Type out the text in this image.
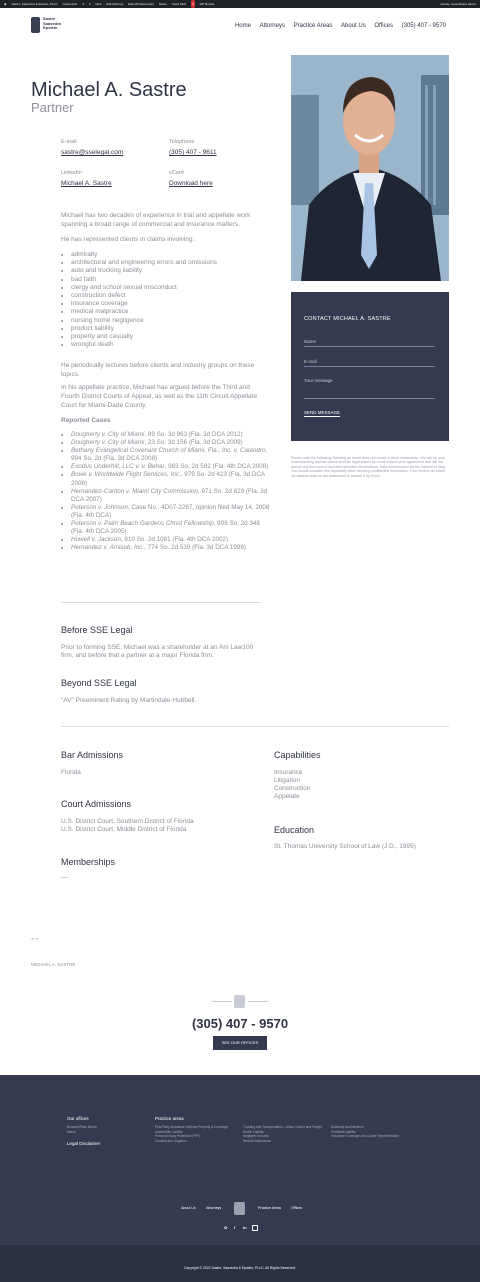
◉ Sastre, Saavedra & Epstein, PLLC Customizer 4 0 New Edit Attorney Edit with Elementor Notes Yoast SEO 3 WP Rocket	Howdy, ssesoftware.admin
Sastre
Saavedra
Epstein	Home Attorneys Practice Areas About Us Offices (305) 407 - 9570
Michael A. Sastre
Partner
E-mail
sastre@sselegal.com
Telephone
(305) 407 - 9611
LinkedIn
Michael A. Sastre
vCard
Download here
Michael has two decades of experience in trial and appellate work spanning a broad range of commercial and insurance matters.
He has represented clients in claims involving:
• admiralty
• architectural and engineering errors and omissions
• auto and trucking liability
• bad faith
• clergy and school sexual misconduct
• construction defect
• insurance coverage
• medical malpractice
• nursing home negligence
• product liability
• property and casualty
• wrongful death
He periodically lectures before clients and industry groups on these topics.
In his appellate practice, Michael has argued before the Third and Fourth District Courts of Appeal, as well as the 11th Circuit Appellate Court for Miami-Dade County.
Reported Cases
• Dougherty v. City of Miami, 89 So. 3d 963 (Fla. 3d DCA 2012)
• Dougherty v. City of Miami, 23 So. 3d 156 (Fla. 3d DCA 2009)
• Bethany Evangelical Covenant Church of Miami, Fla., Inc. v. Calandro, 994 So. 2d (Fla. 3d DCA 2008)
• Exodus Underhill, LLC v. v. Behar, 983 So. 2d 592 (Fla. 4th DCA 2008)
• Bowe v. Worldwide Flight Services, Inc., 979 So. 2d 423 (Fla. 3d DCA 2008)
• Hernandez-Canton v. Miami City Commission, 971 So. 2d 829 (Fla. 3d DCA 2007)
• Peterson v. Johnson, Case No.: 4D07-2267, opinion filed May 14, 2008 (Fla. 4th DCA)
• Peterson v. Palm Beach Gardens Christ Fellowship, 909 So. 2d 348 (Fla. 4th DCA 2005)
• Howell v. Jackson, 810 So. 2d 1081 (Fla. 4th DCA 2002)
• Hernandez v. Amisub, Inc., 774 So. 2d 539 (Fla. 3d DCA 1998)
CONTACT MICHAEL A. SASTRE
Name
E-mail
Your message
SEND MESSAGE
Please note the following: Sending an email does not create a client relationship. We ask for your understanding that we cannot provide legal advice by email without prior agreement and will not accept any time-bound and time-sensitive declarations. Data transmission via the Internet is risky. You should consider this especially when sending confidential information. If we receive an email, we assume that we are authorized to answer it by email.
Before SSE Legal
Prior to forming SSE, Michael was a shareholder at an Am Law100 firm, and before that a partner at a major Florida firm.
Beyond SSE Legal
"AV" Preeminent Rating by Martindale-Hubbell.
Bar Admissions
Florida
Court Admissions
U.S. District Court, Southern District of Florida
U.S. District Court, Middle District of Florida
Memberships
—
Capabilities
Insurance
Litigation
Construction
Appelate
Education
St. Thomas University School of Law (J.D., 1995)
” ”
MICHAEL A. SASTRE
(305) 407 - 9570
SEE OUR OFFICES
Our offices
Broward/Palm Beach
Miami
Legal Disclaimer
Practice areas
First-Party Insurance Defense Property & Coverage
Automobile Liability
Personal Injury Protection (PIP)
Construction Litigation
Trucking and Transportation – Motor Carrier and Freight Broker Liability
Negligent Security
Medical Malpractice
Admiralty and Maritime
Premises Liability
Insurance Coverage and Carrier Representation
About Us	Attorneys	Practice Areas	Offices
✿ f in
Copyright © 2022 Sastre, Saavedra & Epstein, PLLC. All Rights Reserved.
